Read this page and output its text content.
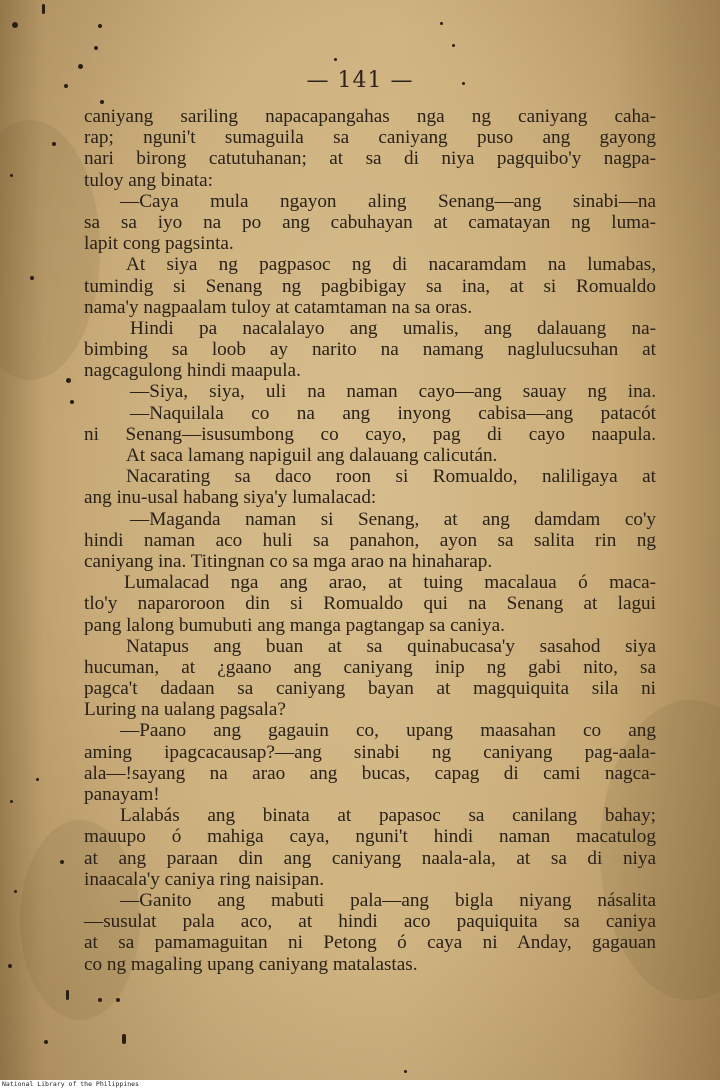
— 141 —
caniyang sariling napacapangahas nga ng caniyang caha-
rap; nguni't sumaguila sa caniyang puso ang gayong
nari birong catutuhanan; at sa di niya pagquibo'y nagpa-
tuloy ang binata:
—Caya mula ngayon aling Senang—ang sinabi—na
sa sa iyo na po ang cabuhayan at camatayan ng luma-
lapit cong pagsinta.
At siya ng pagpasoc ng di nacaramdam na lumabas,
tumindig si Senang ng pagbibigay sa ina, at si Romualdo
nama'y nagpaalam tuloy at catamtaman na sa oras.
Hindi pa nacalalayo ang umalis, ang dalauang na-
bimbing sa loob ay narito na namang naglulucsuhan at
nagcagulong hindi maapula.
—Siya, siya, uli na naman cayo—ang sauay ng ina.
—Naquilala co na ang inyong cabisa—ang patacót
ni Senang—isusumbong co cayo, pag di cayo naapula.
At saca lamang napiguil ang dalauang calicután.
Nacarating sa daco roon si Romualdo, naliligaya at
ang inu-usal habang siya'y lumalacad:
—Maganda naman si Senang, at ang damdam co'y
hindi naman aco huli sa panahon, ayon sa salita rin ng
caniyang ina. Titingnan co sa mga arao na hinaharap.
Lumalacad nga ang arao, at tuing macalaua ó maca-
tlo'y naparoroon din si Romualdo qui na Senang at lagui
pang lalong bumubuti ang manga pagtangap sa caniya.
Natapus ang buan at sa quinabucasa'y sasahod siya
hucuman, at ¿gaano ang caniyang inip ng gabi nito, sa
pagca't dadaan sa caniyang bayan at magquiquita sila ni
Luring na ualang pagsala?
—Paano ang gagauin co, upang maasahan co ang
aming ipagcacausap?—ang sinabi ng caniyang pag-aala-
ala—!sayang na arao ang bucas, capag di cami nagca-
panayam!
Lalabás ang binata at papasoc sa canilang bahay;
mauupo ó mahiga caya, nguni't hindi naman macatulog
at ang paraan din ang caniyang naala-ala, at sa di niya
inaacala'y caniya ring naisipan.
—Ganito ang mabuti pala—ang bigla niyang násalita
—susulat pala aco, at hindi aco paquiquita sa caniya
at sa pamamaguitan ni Petong ó caya ni Anday, gagauan
co ng magaling upang caniyang matalastas.
National Library of the Philippines
